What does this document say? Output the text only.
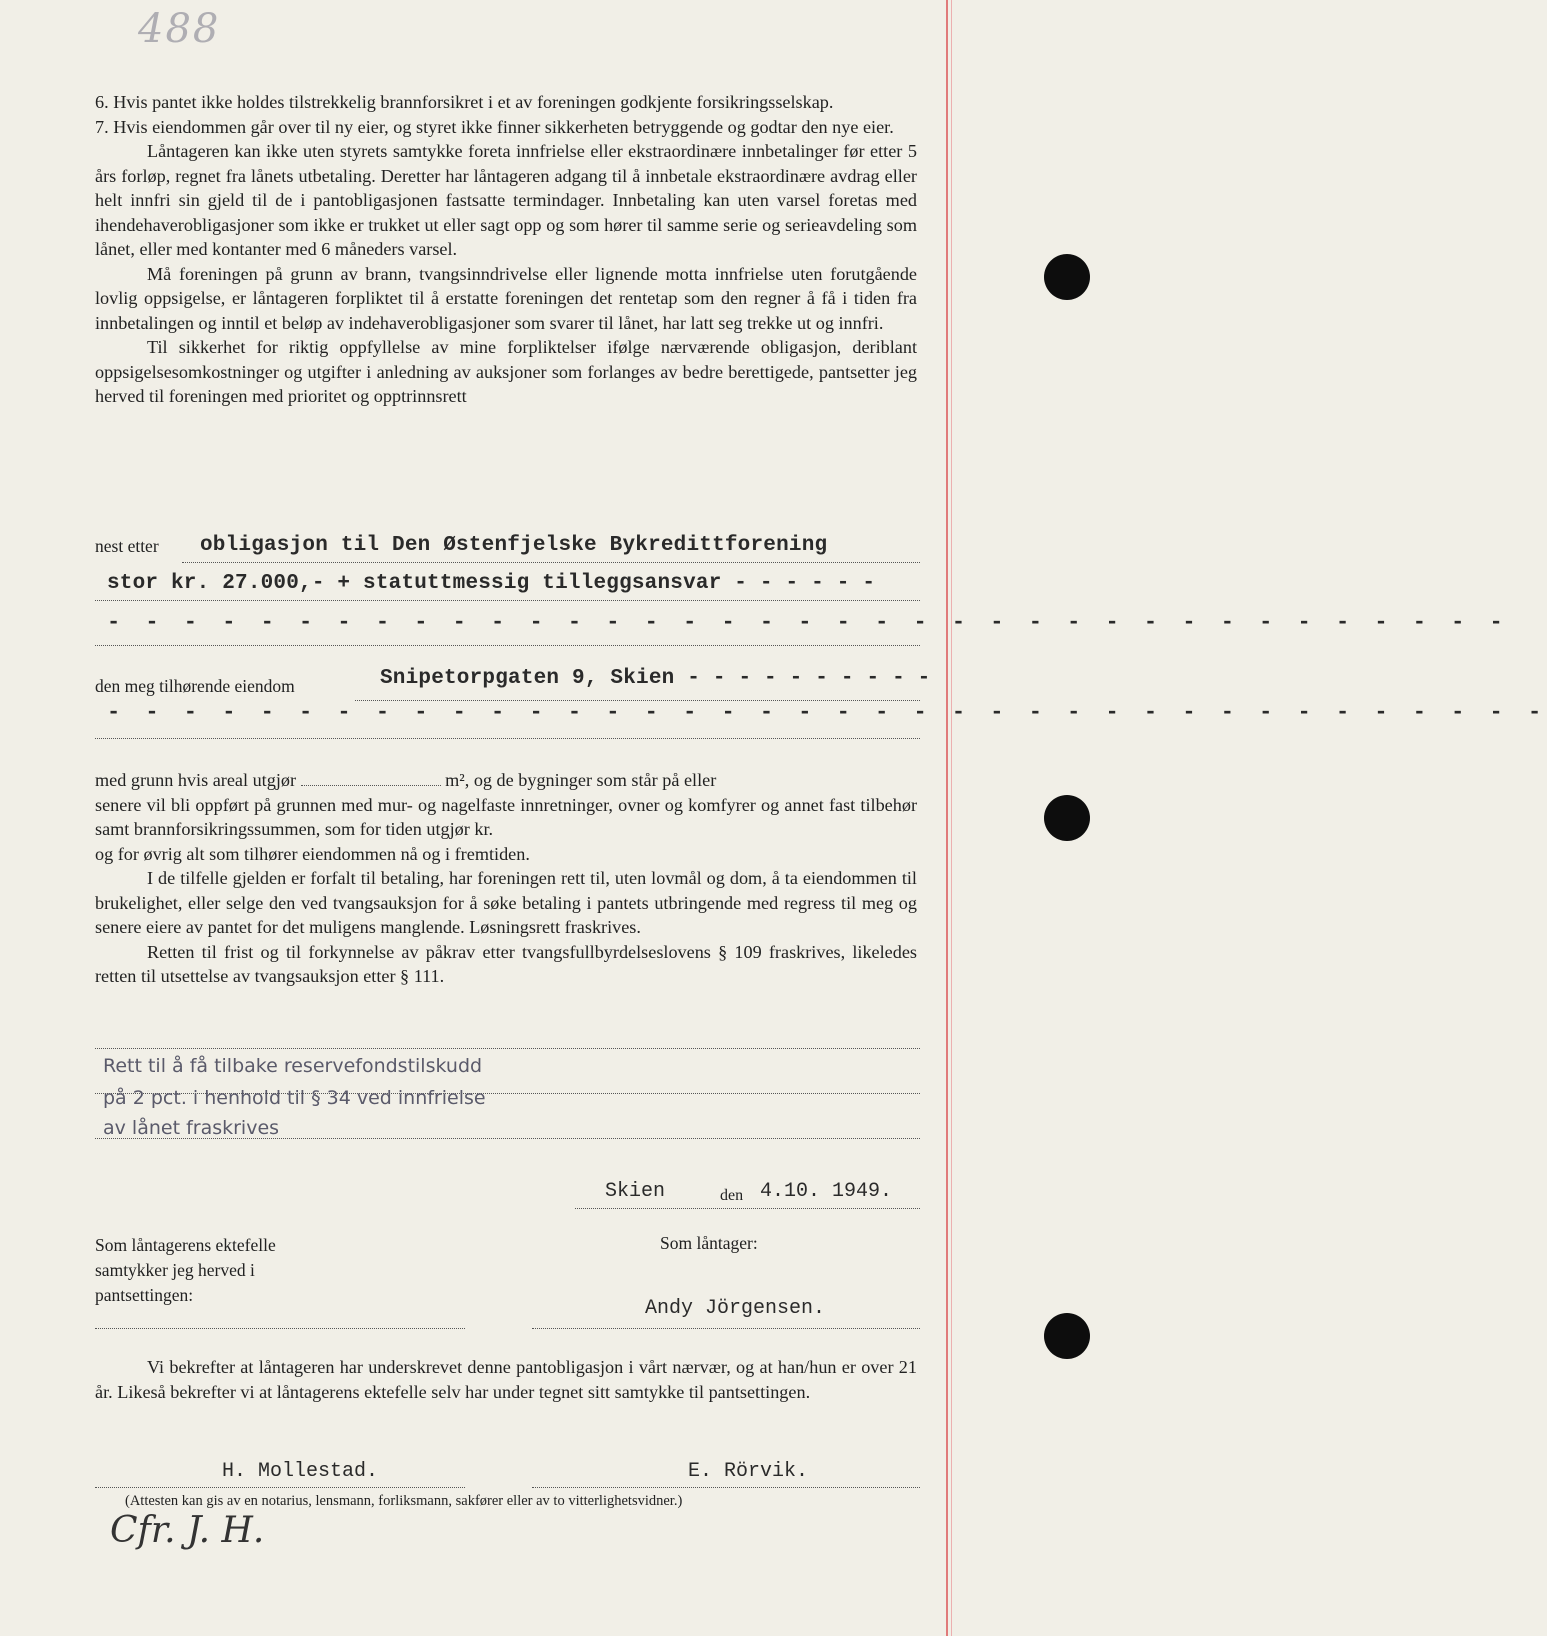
488

6. Hvis pantet ikke holdes tilstrekkelig brannforsikret i et av foreningen godkjente forsikringsselskap.

7. Hvis eiendommen går over til ny eier, og styret ikke finner sikkerheten betryggende og godtar den nye eier.

Låntageren kan ikke uten styrets samtykke foreta innfrielse eller ekstraordinære innbetalinger før etter 5 års forløp, regnet fra lånets utbetaling. Deretter har låntageren adgang til å innbetale ekstraordinære avdrag eller helt innfri sin gjeld til de i pantobligasjonen fastsatte termindager. Innbetaling kan uten varsel foretas med ihendehaverobligasjoner som ikke er trukket ut eller sagt opp og som hører til samme serie og serieavdeling som lånet, eller med kontanter med 6 måneders varsel.

Må foreningen på grunn av brann, tvangsinndrivelse eller lignende motta innfrielse uten forutgående lovlig oppsigelse, er låntageren forpliktet til å erstatte foreningen det rentetap som den regner å få i tiden fra innbetalingen og inntil et beløp av indehaverobligasjoner som svarer til lånet, har latt seg trekke ut og innfri.

Til sikkerhet for riktig oppfyllelse av mine forpliktelser ifølge nærværende obligasjon, deriblant oppsigelsesomkostninger og utgifter i anledning av auksjoner som forlanges av bedre berettigede, pantsetter jeg herved til foreningen med prioritet og opptrinnsrett

nest etter obligasjon til Den Østenfjelske Bykredittforening
stor kr. 27.000,- + statuttmessig tilleggsansvar - - - - - -
- - - - - - - - - - - - - - - - - - - - - - - - - - - - - - - - - - - - -
den meg tilhørende eiendom	Snipetorpgaten 9, Skien - - - - - - - - - -
- - - - - - - - - - - - - - - - - - - - - - - - - - - - - - - - - - - - - -

med grunn hvis areal utgjør	m², og de bygninger som står på eller

senere vil bli oppført på grunnen med mur- og nagelfaste innretninger, ovner og komfyrer og annet fast tilbehør samt brannforsikringssummen, som for tiden utgjør kr.

og for øvrig alt som tilhører eiendommen nå og i fremtiden.

I de tilfelle gjelden er forfalt til betaling, har foreningen rett til, uten lovmål og dom, å ta eiendommen til brukelighet, eller selge den ved tvangsauksjon for å søke betaling i pantets utbringende med regress til meg og senere eiere av pantet for det muligens manglende. Løsningsrett fraskrives.

Retten til frist og til forkynnelse av påkrav etter tvangsfullbyrdelseslovens § 109 fraskrives, likeledes retten til utsettelse av tvangsauksjon etter § 111.

Rett til å få tilbake reservefondstilskudd
på 2 pct. i henhold til § 34 ved innfrielse
av lånet fraskrives
Skien	den 4.10. 1949.
Som låntagerens ektefelle samtykker jeg herved i pantsettingen:
Som låntager:
Andy Jörgensen.

Vi bekrefter at låntageren har underskrevet denne pantobligasjon i vårt nærvær, og at han/hun er over 21 år. Likeså bekrefter vi at låntagerens ektefelle selv har under tegnet sitt samtykke til pantsettingen.

H. Mollestad.	E. Rörvik.
(Attesten kan gis av en notarius, lensmann, forliksmann, sakfører eller av to vitterlighetsvidner.)
Cfr. J. H.
